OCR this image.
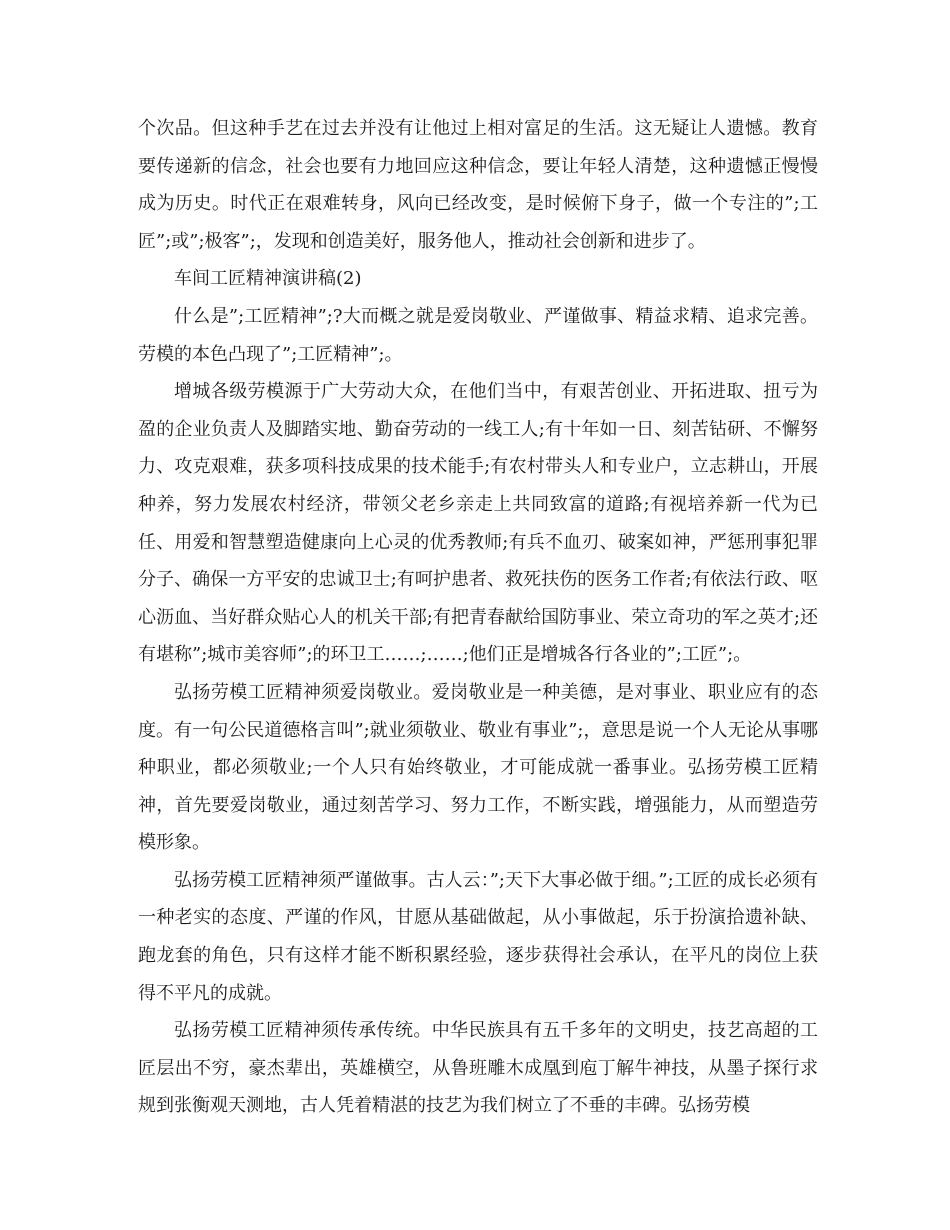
个次品。但这种手艺在过去并没有让他过上相对富足的生活。这无疑让人遗憾。教育要传递新的信念，社会也要有力地回应这种信念，要让年轻人清楚，这种遗憾正慢慢成为历史。时代正在艰难转身，风向已经改变，是时候俯下身子，做一个专注的”;工匠”;或”;极客”;，发现和创造美好，服务他人，推动社会创新和进步了。

车间工匠精神演讲稿(2)

什么是”;工匠精神”;?大而概之就是爱岗敬业、严谨做事、精益求精、追求完善。劳模的本色凸现了”;工匠精神”;。

增城各级劳模源于广大劳动大众，在他们当中，有艰苦创业、开拓进取、扭亏为盈的企业负责人及脚踏实地、勤奋劳动的一线工人;有十年如一日、刻苦钻研、不懈努力、攻克艰难，获多项科技成果的技术能手;有农村带头人和专业户，立志耕山，开展种养，努力发展农村经济，带领父老乡亲走上共同致富的道路;有视培养新一代为已任、用爱和智慧塑造健康向上心灵的优秀教师;有兵不血刃、破案如神，严惩刑事犯罪分子、确保一方平安的忠诚卫士;有呵护患者、救死扶伤的医务工作者;有依法行政、呕心沥血、当好群众贴心人的机关干部;有把青春献给国防事业、荣立奇功的军之英才;还有堪称”;城市美容师”;的环卫工……;……;他们正是增城各行各业的”;工匠”;。

弘扬劳模工匠精神须爱岗敬业。爱岗敬业是一种美德，是对事业、职业应有的态度。有一句公民道德格言叫”;就业须敬业、敬业有事业”;，意思是说一个人无论从事哪种职业，都必须敬业;一个人只有始终敬业，才可能成就一番事业。弘扬劳模工匠精神，首先要爱岗敬业，通过刻苦学习、努力工作，不断实践，增强能力，从而塑造劳模形象。

弘扬劳模工匠精神须严谨做事。古人云：”;天下大事必做于细。”;工匠的成长必须有一种老实的态度、严谨的作风，甘愿从基础做起，从小事做起，乐于扮演拾遗补缺、跑龙套的角色，只有这样才能不断积累经验，逐步获得社会承认，在平凡的岗位上获得不平凡的成就。

弘扬劳模工匠精神须传承传统。中华民族具有五千多年的文明史，技艺高超的工匠层出不穷，豪杰辈出，英雄横空，从鲁班雕木成凰到庖丁解牛神技，从墨子探行求规到张衡观天测地，古人凭着精湛的技艺为我们树立了不垂的丰碑。弘扬劳模
